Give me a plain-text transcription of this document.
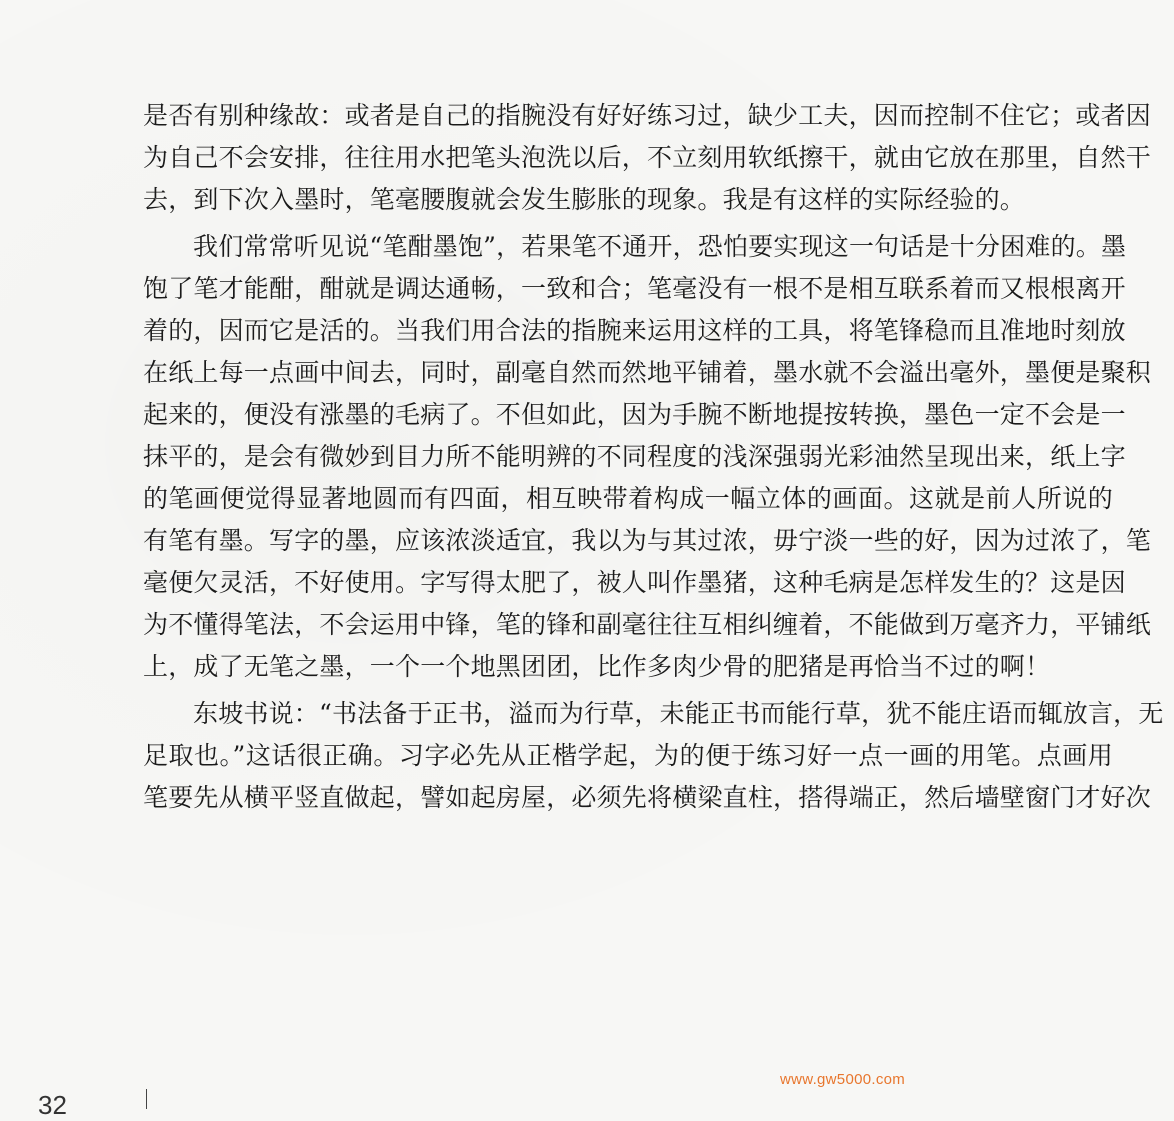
是否有别种缘故：或者是自己的指腕没有好好练习过，缺少工夫，因而控制不住它；或者因
为自己不会安排，往往用水把笔头泡洗以后，不立刻用软纸擦干，就由它放在那里，自然干
去，到下次入墨时，笔毫腰腹就会发生膨胀的现象。我是有这样的实际经验的。
我们常常听见说“笔酣墨饱”，若果笔不通开，恐怕要实现这一句话是十分困难的。墨
饱了笔才能酣，酣就是调达通畅，一致和合；笔毫没有一根不是相互联系着而又根根离开
着的，因而它是活的。当我们用合法的指腕来运用这样的工具，将笔锋稳而且准地时刻放
在纸上每一点画中间去，同时，副毫自然而然地平铺着，墨水就不会溢出毫外，墨便是聚积
起来的，便没有涨墨的毛病了。不但如此，因为手腕不断地提按转换，墨色一定不会是一
抹平的，是会有微妙到目力所不能明辨的不同程度的浅深强弱光彩油然呈现出来，纸上字
的笔画便觉得显著地圆而有四面，相互映带着构成一幅立体的画面。这就是前人所说的
有笔有墨。写字的墨，应该浓淡适宜，我以为与其过浓，毋宁淡一些的好，因为过浓了，笔
毫便欠灵活，不好使用。字写得太肥了，被人叫作墨猪，这种毛病是怎样发生的？这是因
为不懂得笔法，不会运用中锋，笔的锋和副毫往往互相纠缠着，不能做到万毫齐力，平铺纸
上，成了无笔之墨，一个一个地黑团团，比作多肉少骨的肥猪是再恰当不过的啊！
东坡书说：“书法备于正书，溢而为行草，未能正书而能行草，犹不能庄语而辄放言，无
足取也。”这话很正确。习字必先从正楷学起，为的便于练习好一点一画的用笔。点画用
笔要先从横平竖直做起，譬如起房屋，必须先将横梁直柱，搭得端正，然后墙壁窗门才好次
www.gw5000.com
32
